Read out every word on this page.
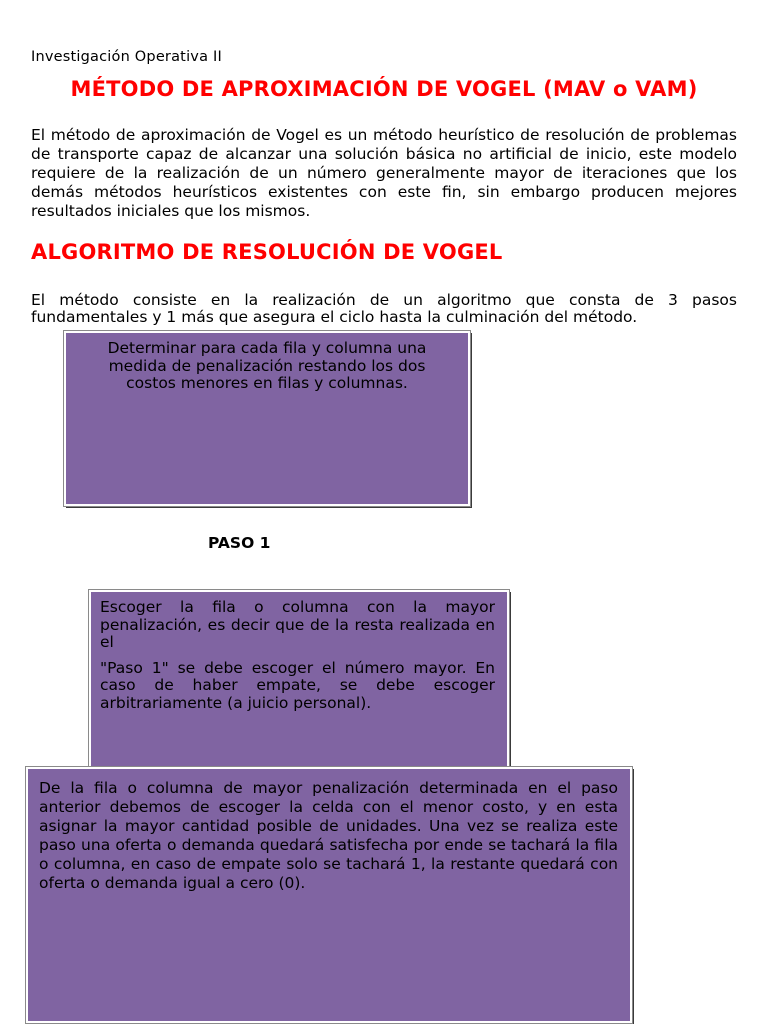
Investigación Operativa II
MÉTODO DE APROXIMACIÓN DE VOGEL (MAV o VAM)

El método de aproximación de Vogel es un método heurístico de resolución de problemas de transporte capaz de alcanzar una solución básica no artificial de inicio, este modelo requiere de la realización de un número generalmente mayor de iteraciones que los demás métodos heurísticos existentes con este fin, sin embargo producen mejores resultados iniciales que los mismos.

ALGORITMO DE RESOLUCIÓN DE VOGEL

El método consiste en la realización de un algoritmo que consta de 3 pasos fundamentales y 1 más que asegura el ciclo hasta la culminación del método.

Determinar para cada fila y columna una medida de penalización restando los dos costos menores en filas y columnas.
PASO 1

Escoger la fila o columna con la mayor penalización, es decir que de la resta realizada en el

"Paso 1" se debe escoger el número mayor. En caso de haber empate, se debe escoger arbitrariamente (a juicio personal).

De la fila o columna de mayor penalización determinada en el paso anterior debemos de escoger la celda con el menor costo, y en esta asignar la mayor cantidad posible de unidades. Una vez se realiza este paso una oferta o demanda quedará satisfecha por ende se tachará la fila o columna, en caso de empate solo se tachará 1, la restante quedará con oferta o demanda igual a cero (0).
